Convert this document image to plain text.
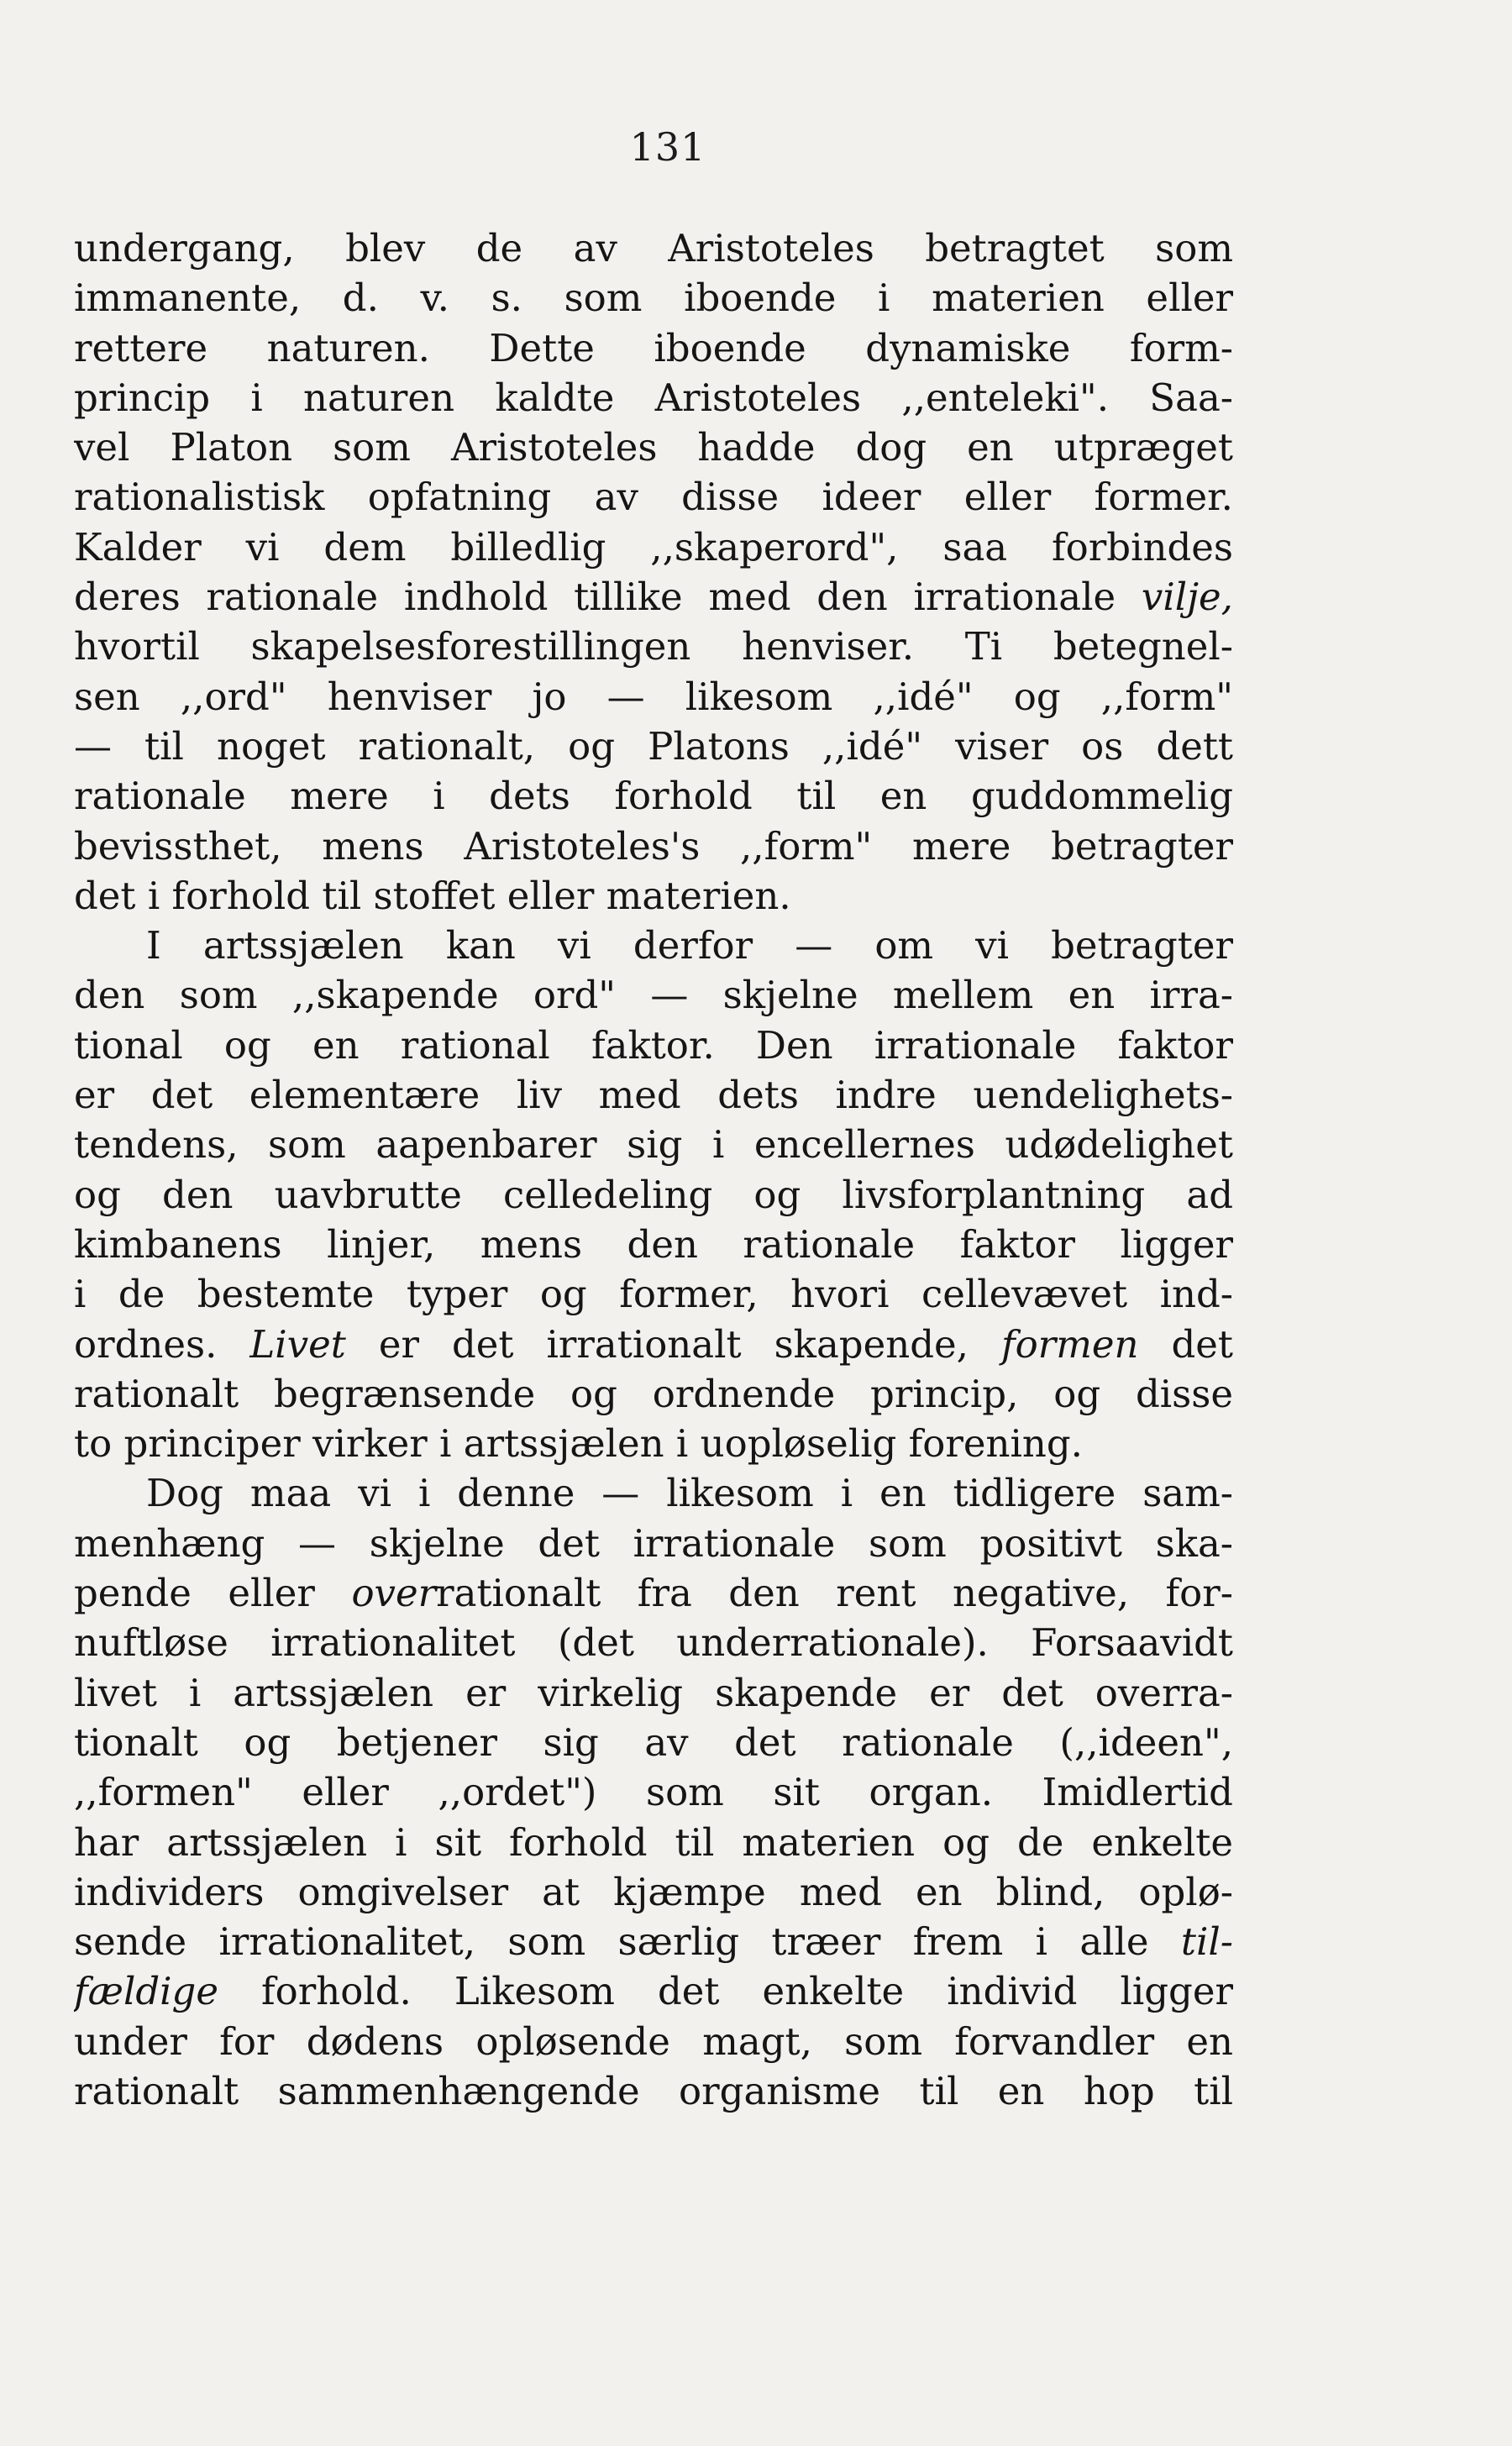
131
undergang, blev de av Aristoteles betragtet som
immanente, d. v. s. som iboende i materien eller
rettere naturen. Dette iboende dynamiske form-
princip i naturen kaldte Aristoteles ,,enteleki". Saa-
vel Platon som Aristoteles hadde dog en utpræget
rationalistisk opfatning av disse ideer eller former.
Kalder vi dem billedlig ,,skaperord", saa forbindes
deres rationale indhold tillike med den irrationale vilje,
hvortil skapelsesforestillingen henviser. Ti betegnel-
sen ,,ord" henviser jo — likesom ,,idé" og ,,form"
— til noget rationalt, og Platons ,,idé" viser os dett
rationale mere i dets forhold til en guddommelig
bevissthet, mens Aristoteles's ,,form" mere betragter
det i forhold til stoffet eller materien.
I artssjælen kan vi derfor — om vi betragter
den som ,,skapende ord" — skjelne mellem en irra-
tional og en rational faktor. Den irrationale faktor
er det elementære liv med dets indre uendelighets-
tendens, som aapenbarer sig i encellernes udødelighet
og den uavbrutte celledeling og livsforplantning ad
kimbanens linjer, mens den rationale faktor ligger
i de bestemte typer og former, hvori cellevævet ind-
ordnes. Livet er det irrationalt skapende, formen det
rationalt begrænsende og ordnende princip, og disse
to principer virker i artssjælen i uopløselig forening.
Dog maa vi i denne — likesom i en tidligere sam-
menhæng — skjelne det irrationale som positivt ska-
pende eller overrationalt fra den rent negative, for-
nuftløse irrationalitet (det underrationale). Forsaavidt
livet i artssjælen er virkelig skapende er det overra-
tionalt og betjener sig av det rationale (,,ideen",
,,formen" eller ,,ordet") som sit organ. Imidlertid
har artssjælen i sit forhold til materien og de enkelte
individers omgivelser at kjæmpe med en blind, oplø-
sende irrationalitet, som særlig træer frem i alle til-
fældige forhold. Likesom det enkelte individ ligger
under for dødens opløsende magt, som forvandler en
rationalt sammenhængende organisme til en hop til
